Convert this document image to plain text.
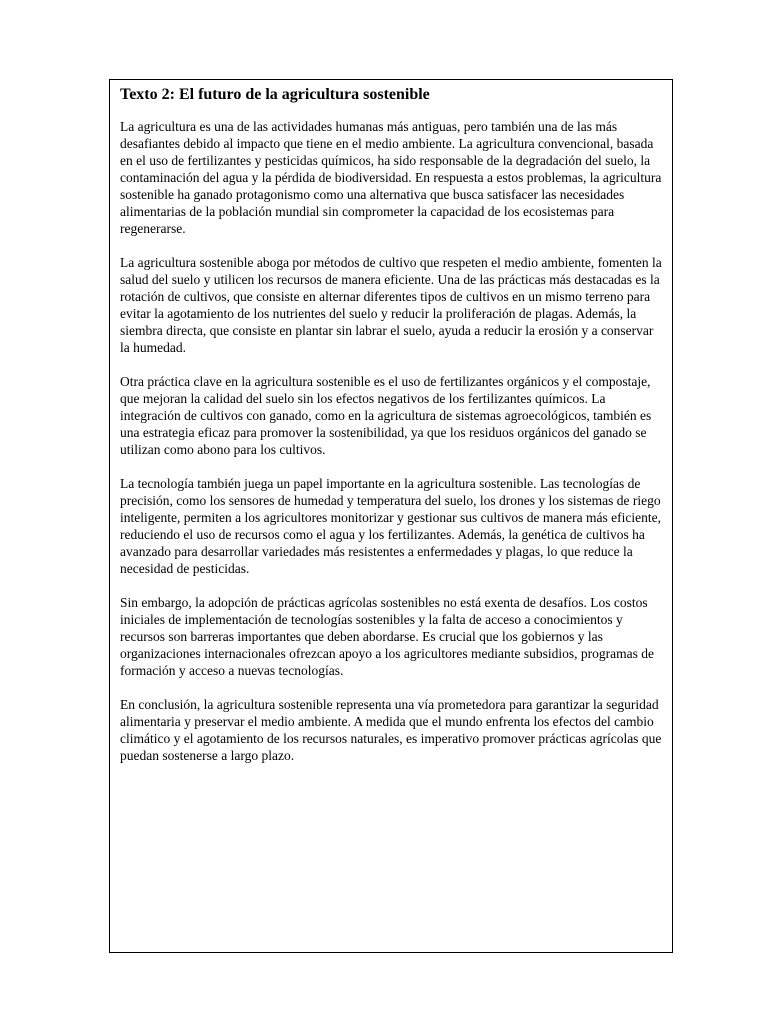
Texto 2: El futuro de la agricultura sostenible

La agricultura es una de las actividades humanas más antiguas, pero también una de las más desafiantes debido al impacto que tiene en el medio ambiente. La agricultura convencional, basada en el uso de fertilizantes y pesticidas químicos, ha sido responsable de la degradación del suelo, la contaminación del agua y la pérdida de biodiversidad. En respuesta a estos problemas, la agricultura sostenible ha ganado protagonismo como una alternativa que busca satisfacer las necesidades alimentarias de la población mundial sin comprometer la capacidad de los ecosistemas para regenerarse.

La agricultura sostenible aboga por métodos de cultivo que respeten el medio ambiente, fomenten la salud del suelo y utilicen los recursos de manera eficiente. Una de las prácticas más destacadas es la rotación de cultivos, que consiste en alternar diferentes tipos de cultivos en un mismo terreno para evitar la agotamiento de los nutrientes del suelo y reducir la proliferación de plagas. Además, la siembra directa, que consiste en plantar sin labrar el suelo, ayuda a reducir la erosión y a conservar la humedad.

Otra práctica clave en la agricultura sostenible es el uso de fertilizantes orgánicos y el compostaje, que mejoran la calidad del suelo sin los efectos negativos de los fertilizantes químicos. La integración de cultivos con ganado, como en la agricultura de sistemas agroecológicos, también es una estrategia eficaz para promover la sostenibilidad, ya que los residuos orgánicos del ganado se utilizan como abono para los cultivos.

La tecnología también juega un papel importante en la agricultura sostenible. Las tecnologías de precisión, como los sensores de humedad y temperatura del suelo, los drones y los sistemas de riego inteligente, permiten a los agricultores monitorizar y gestionar sus cultivos de manera más eficiente, reduciendo el uso de recursos como el agua y los fertilizantes. Además, la genética de cultivos ha avanzado para desarrollar variedades más resistentes a enfermedades y plagas, lo que reduce la necesidad de pesticidas.

Sin embargo, la adopción de prácticas agrícolas sostenibles no está exenta de desafíos. Los costos iniciales de implementación de tecnologías sostenibles y la falta de acceso a conocimientos y recursos son barreras importantes que deben abordarse. Es crucial que los gobiernos y las organizaciones internacionales ofrezcan apoyo a los agricultores mediante subsidios, programas de formación y acceso a nuevas tecnologías.

En conclusión, la agricultura sostenible representa una vía prometedora para garantizar la seguridad alimentaria y preservar el medio ambiente. A medida que el mundo enfrenta los efectos del cambio climático y el agotamiento de los recursos naturales, es imperativo promover prácticas agrícolas que puedan sostenerse a largo plazo.
